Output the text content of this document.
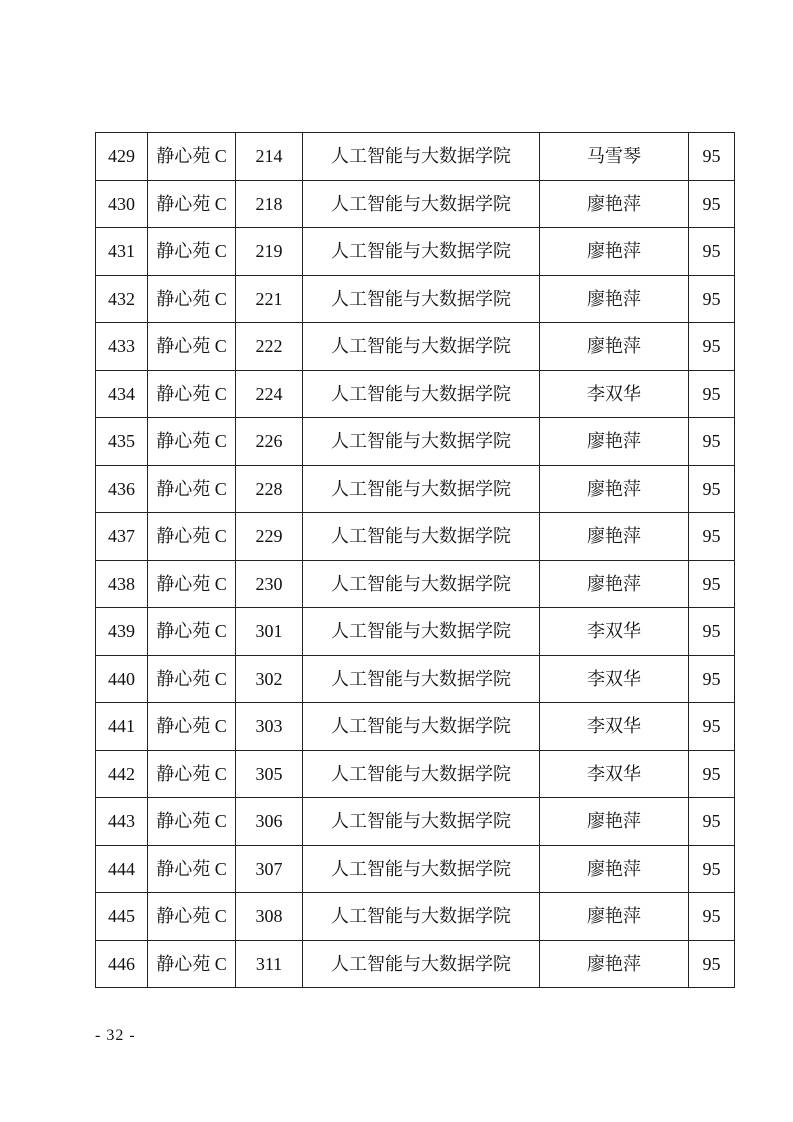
429	静心苑 C	214	人工智能与大数据学院	马雪琴	95
430	静心苑 C	218	人工智能与大数据学院	廖艳萍	95
431	静心苑 C	219	人工智能与大数据学院	廖艳萍	95
432	静心苑 C	221	人工智能与大数据学院	廖艳萍	95
433	静心苑 C	222	人工智能与大数据学院	廖艳萍	95
434	静心苑 C	224	人工智能与大数据学院	李双华	95
435	静心苑 C	226	人工智能与大数据学院	廖艳萍	95
436	静心苑 C	228	人工智能与大数据学院	廖艳萍	95
437	静心苑 C	229	人工智能与大数据学院	廖艳萍	95
438	静心苑 C	230	人工智能与大数据学院	廖艳萍	95
439	静心苑 C	301	人工智能与大数据学院	李双华	95
440	静心苑 C	302	人工智能与大数据学院	李双华	95
441	静心苑 C	303	人工智能与大数据学院	李双华	95
442	静心苑 C	305	人工智能与大数据学院	李双华	95
443	静心苑 C	306	人工智能与大数据学院	廖艳萍	95
444	静心苑 C	307	人工智能与大数据学院	廖艳萍	95
445	静心苑 C	308	人工智能与大数据学院	廖艳萍	95
446	静心苑 C	311	人工智能与大数据学院	廖艳萍	95
- 32 -
